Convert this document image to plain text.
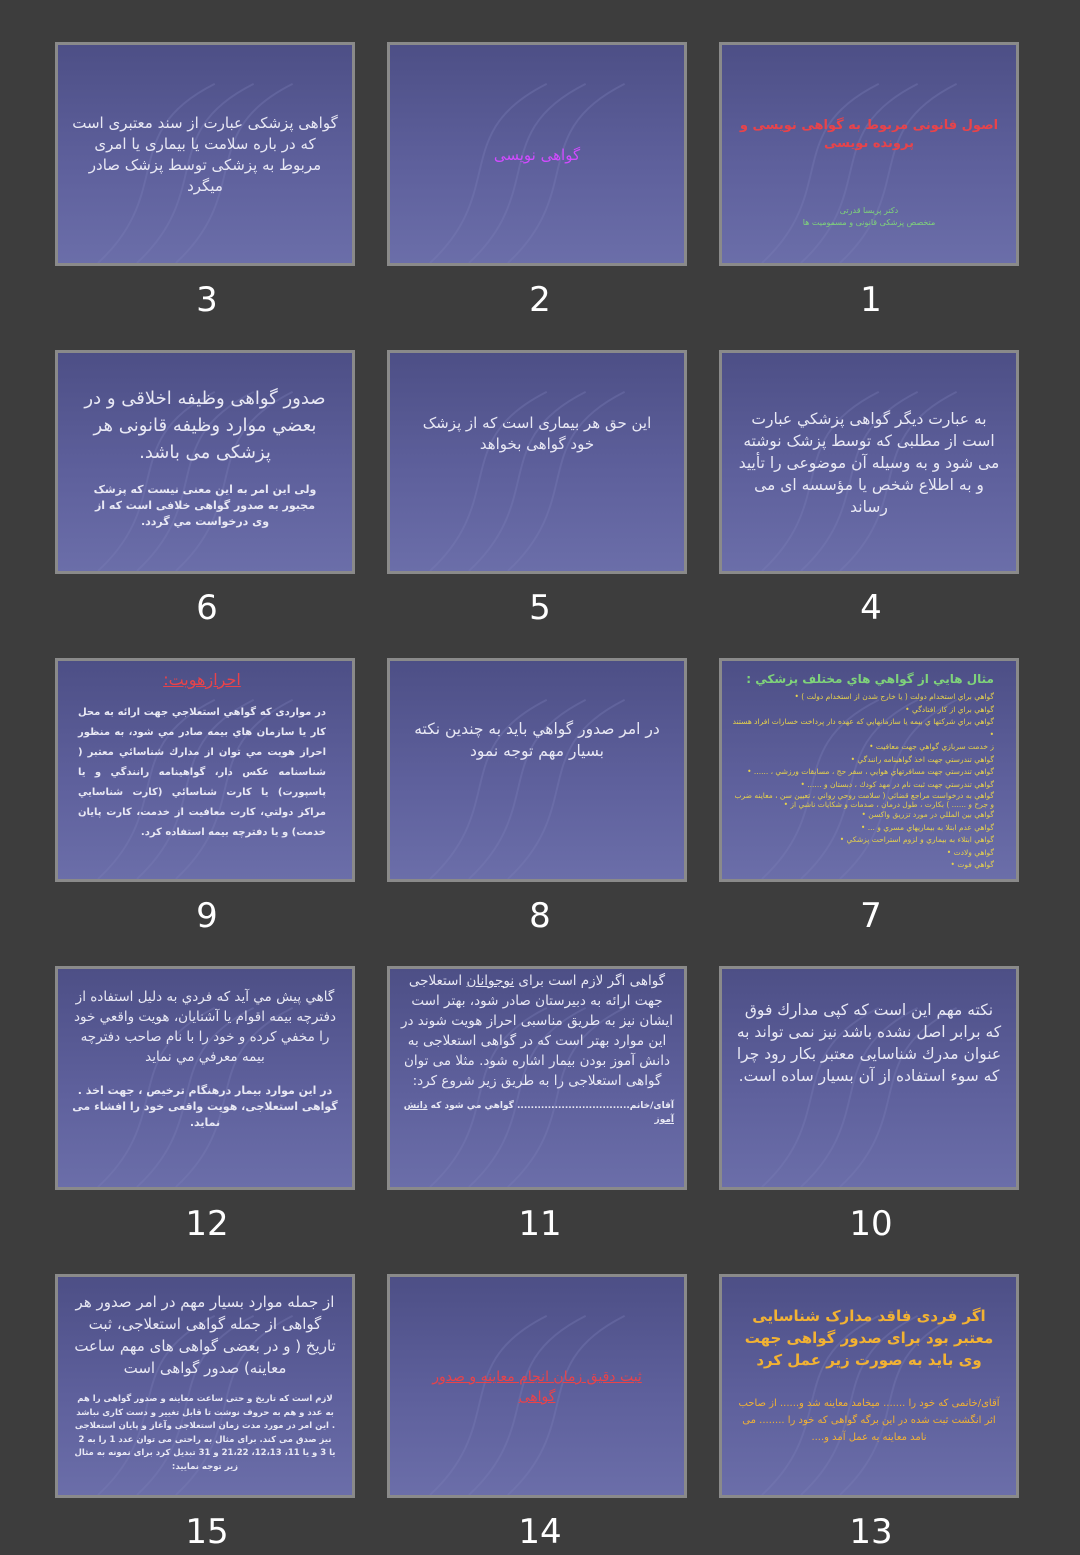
گواهی پزشکی عبارت از سند معتبری است که در باره سلامت یا بیماری یا امری مربوط به پزشکی توسط پزشک صادر میگرد

3

گواهی نویسی

2

اصول قانونی مربوط به گواهی نویسی و پرونده نویسی

دکتر پریسا قدرتی

متخصص پزشکی قانونی و مسمومیت ها

1

صدور گواهی وظیفه اخلاقی و در بعضي موارد وظیفه قانونی هر پزشکی می باشد.

ولی این امر به این معنی نیست که پزشک مجبور به صدور گواهی خلافی است که از وی درخواست مي گردد.

6

این حق هر بیماری است که از پزشک خود گواهی بخواهد

5

به عبارت دیگر گواهی پزشکي عبارت است از مطلبی که توسط پزشک نوشته می شود و به وسیله آن موضوعی را تأیید و به اطلاع شخص یا مؤسسه ای می رساند

4

احرازهویت:

در مواردی كه گواهي استعلاجي جهت ارائه به محل كار يا سازمان هاي بيمه صادر مي شود، به منظور احراز هويت مي توان از مدارك شناسائي معتبر ( شناسنامه عكس دار، گواهينامه رانندگي و يا پاسپورت) يا كارت شناسائي (كارت شناسايي مراكز دولتي، كارت معافيت از خدمت، كارت پايان خدمت) و يا دفترچه بيمه استفاده كرد.

9

در امر صدور گواهي باید به چندین نكته بسیار مهم توجه نمود

8

مثال هايي از گواهي هاي مختلف پزشكي :

گواهي براي استخدام دولت ( يا خارج شدن از استخدام دولت ) •

گواهي براي از كار افتادگي •

گواهي براي شركتها ي بيمه يا سازمانهايي كه عهده دار پرداخت خسارات افراد هستند •

ز خدمت سربازي گواهي جهت معافيت •

گواهي تندرستي جهت اخذ گواهينامه رانندگي •

گواهي تندرستي جهت مسافرتهاي هوايي ، سفر حج ، مسابقات ورزشي ، ...... •

گواهي تندرستي جهت ثبت نام در مهد كودك ، دبستان و ...... •

گواهي به درخواست مراجع قضائي ( سلامت روحي رواني ، تعيين سن ، معاينه ضرب و جرح و ...... ) بكارت ، طول درمان ، صدمات و شكايات ناشي از •

گواهي بين المللي در مورد تزريق واكسن •

گواهي عدم ابتلا به بيماريهاي مسري و ... •

گواهي ابتلاء به بيماري و لزوم استراحت پزشكي •

گواهي ولادت •

گواهي فوت •

7

گاهي پيش مي آيد كه فردي به دليل استفاده از دفترچه بيمه اقوام يا آشنايان، هويت واقعي خود را مخفي كرده و خود را با نام صاحب دفترچه بيمه معرفي مي نمايد

در این موارد بیمار درهنگام ترخیص ، جهت اخذ . گواهی استعلاجی، هویت واقعی خود را افشاء می نماید.

12

گواهی اگر لازم است برای نوجوانان استعلاجی جهت ارائه به دبیرستان صادر شود، بهتر است ایشان نیز به طریق مناسبی احراز هویت شوند در این موارد بهتر است که در گواهی استعلاجی به دانش آموز بودن بیمار اشاره شود. مثلا می توان گواهی استعلاجی را به طریق زیر شروع کرد:

آقای/خانم................................. گواهي مي شود كه دانش آموز

11

نکته مهم این است که کپی مدارك فوق که برابر اصل نشده باشد نیز نمی تواند به عنوان مدرك شناسایی معتبر بکار رود چرا که سوء استفاده از آن بسیار ساده است.

10

از جمله موارد بسیار مهم در امر صدور هر گواهی از جمله گواهی استعلاجی، ثبت تاریخ ( و در بعضی گواهی های مهم ساعت معاینه) صدور گواهی است

لازم است که تاریخ و حتی ساعت معاینه و صدور گواهی را هم به عدد و هم به حروف نوشت تا قابل تغییر و دست کاری نباشد . این امر در مورد مدت زمان استعلاجی وآغاز و پایان استعلاجی نیز صدق می کند. برای مثال به راحتی می توان عدد 1 را به 2 یا 3 و یا 11، 12،13، 21،22 و 31 تبدیل کرد برای نمونه به مثال زیر توجه نمایید:

15

ثبت دقیق زمان انجام معاینه و صدور گواهی

14

اگر فردی فاقد مدارک شناسایی معتبر بود برای صدور گواهی جهت وی باید به صورت زیر عمل کرد

آقای/خانمی که خود را ....... میخامد معاینه شد و...... از صاحب اثر انگشت ثبت شده در این برگه گواهی که خود را ........ می نامد معاینه به عمل آمد و....

13
